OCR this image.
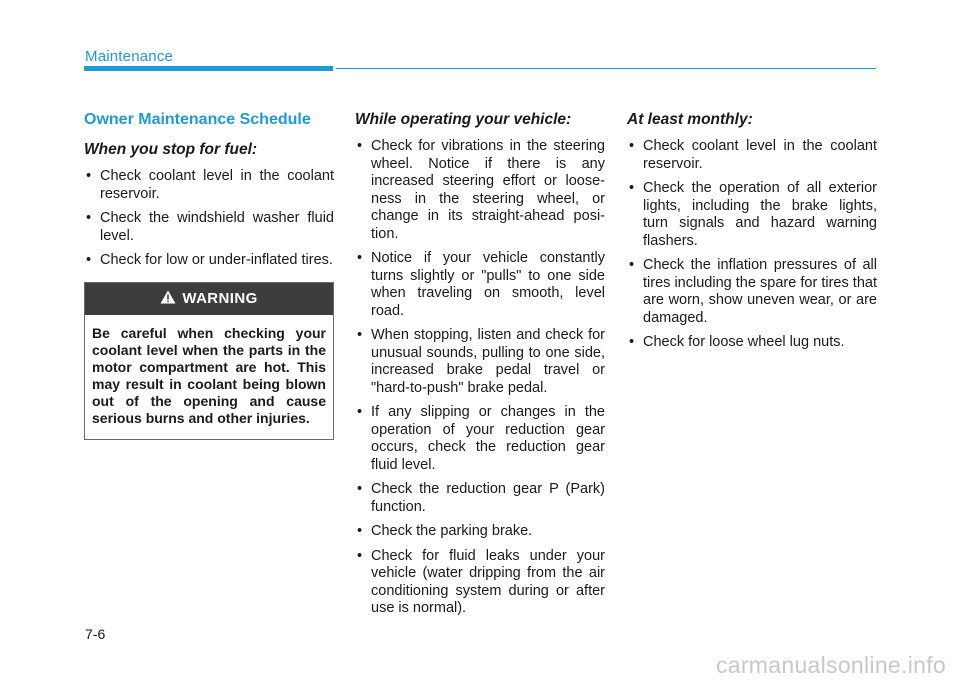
Maintenance
Owner Maintenance Schedule
When you stop for fuel:
• Check coolant level in the coolant reservoir.
• Check the windshield washer fluid level.
• Check for low or under-inflated tires.
WARNING
Be careful when checking your coolant level when the parts in the motor compartment are hot. This may result in coolant being blown out of the opening and cause serious burns and other injuries.
While operating your vehicle:
• Check for vibrations in the steering wheel. Notice if there is any increased steering effort or loose-ness in the steering wheel, or change in its straight-ahead posi-tion.
• Notice if your vehicle constantly turns slightly or "pulls" to one side when traveling on smooth, level road.
• When stopping, listen and check for unusual sounds, pulling to one side, increased brake pedal travel or "hard-to-push" brake pedal.
• If any slipping or changes in the operation of your reduction gear occurs, check the reduction gear fluid level.
• Check the reduction gear P (Park) function.
• Check the parking brake.
• Check for fluid leaks under your vehicle (water dripping from the air conditioning system during or after use is normal).
At least monthly:
• Check coolant level in the coolant reservoir.
• Check the operation of all exterior lights, including the brake lights, turn signals and hazard warning flashers.
• Check the inflation pressures of all tires including the spare for tires that are worn, show uneven wear, or are damaged.
• Check for loose wheel lug nuts.
7-6
carmanualsonline.info
